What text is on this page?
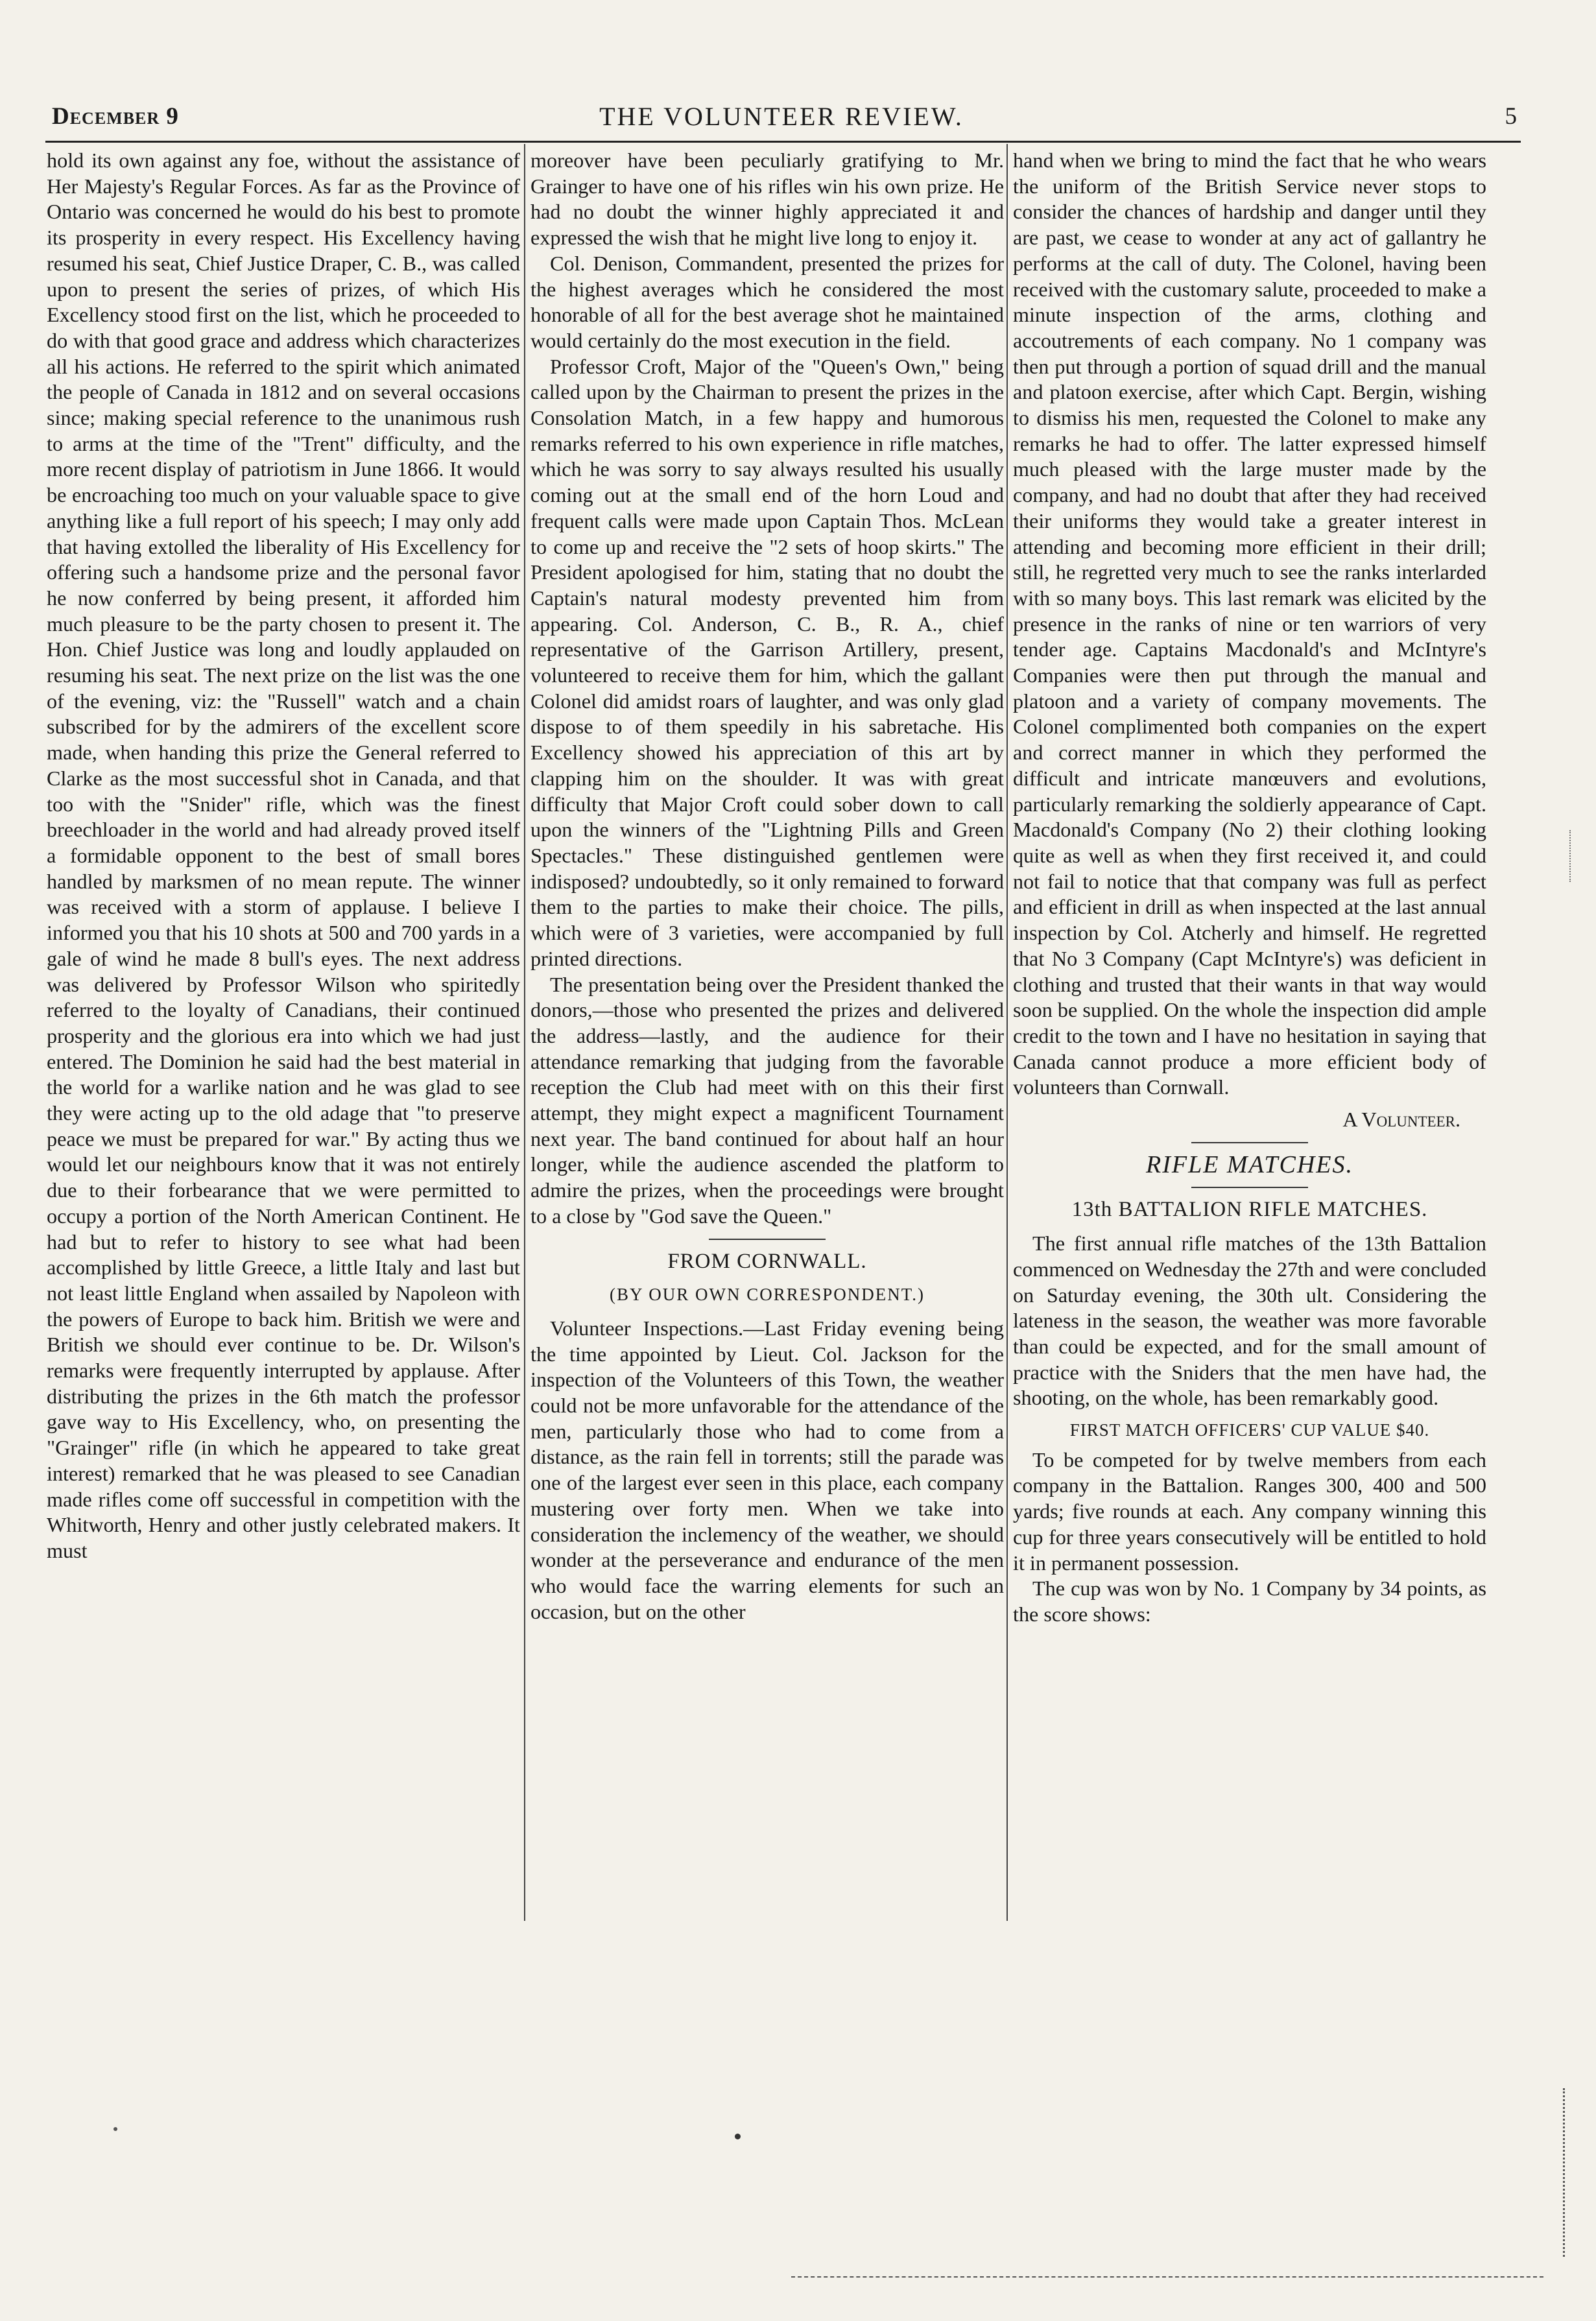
December 9	THE VOLUNTEER REVIEW.	5

hold its own against any foe, without the assistance of Her Majesty's Regular Forces. As far as the Province of Ontario was concerned he would do his best to promote its prosperity in every respect. His Excellency having resumed his seat, Chief Justice Draper, C. B., was called upon to present the series of prizes, of which His Excellency stood first on the list, which he proceeded to do with that good grace and address which characterizes all his actions. He referred to the spirit which animated the people of Canada in 1812 and on several occasions since; making special reference to the unanimous rush to arms at the time of the "Trent" difficulty, and the more recent display of patriotism in June 1866. It would be encroaching too much on your valuable space to give anything like a full report of his speech; I may only add that having extolled the liberality of His Excellency for offering such a handsome prize and the personal favor he now conferred by being present, it afforded him much pleasure to be the party chosen to present it. The Hon. Chief Justice was long and loudly applauded on resuming his seat. The next prize on the list was the one of the evening, viz: the "Russell" watch and a chain subscribed for by the admirers of the excellent score made, when handing this prize the General referred to Clarke as the most successful shot in Canada, and that too with the "Snider" rifle, which was the finest breechloader in the world and had already proved itself a formidable opponent to the best of small bores handled by marksmen of no mean repute. The winner was received with a storm of applause. I believe I informed you that his 10 shots at 500 and 700 yards in a gale of wind he made 8 bull's eyes. The next address was delivered by Professor Wilson who spiritedly referred to the loyalty of Canadians, their continued prosperity and the glorious era into which we had just entered. The Dominion he said had the best material in the world for a warlike nation and he was glad to see they were acting up to the old adage that "to preserve peace we must be prepared for war." By acting thus we would let our neighbours know that it was not entirely due to their forbearance that we were permitted to occupy a portion of the North American Continent. He had but to refer to history to see what had been accomplished by little Greece, a little Italy and last but not least little England when assailed by Napoleon with the powers of Europe to back him. British we were and British we should ever continue to be. Dr. Wilson's remarks were frequently interrupted by applause. After distributing the prizes in the 6th match the professor gave way to His Excellency, who, on presenting the "Grainger" rifle (in which he appeared to take great interest) remarked that he was pleased to see Canadian made rifles come off successful in competition with the Whitworth, Henry and other justly celebrated makers. It must

moreover have been peculiarly gratifying to Mr. Grainger to have one of his rifles win his own prize. He had no doubt the winner highly appreciated it and expressed the wish that he might live long to enjoy it.

Col. Denison, Commandent, presented the prizes for the highest averages which he considered the most honorable of all for the best average shot he maintained would certainly do the most execution in the field.

Professor Croft, Major of the "Queen's Own," being called upon by the Chairman to present the prizes in the Consolation Match, in a few happy and humorous remarks referred to his own experience in rifle matches, which he was sorry to say always resulted his usually coming out at the small end of the horn Loud and frequent calls were made upon Captain Thos. McLean to come up and receive the "2 sets of hoop skirts." The President apologised for him, stating that no doubt the Captain's natural modesty prevented him from appearing. Col. Anderson, C. B., R. A., chief representative of the Garrison Artillery, present, volunteered to receive them for him, which the gallant Colonel did amidst roars of laughter, and was only glad dispose to of them speedily in his sabretache. His Excellency showed his appreciation of this art by clapping him on the shoulder. It was with great difficulty that Major Croft could sober down to call upon the winners of the "Lightning Pills and Green Spectacles." These distinguished gentlemen were indisposed? undoubtedly, so it only remained to forward them to the parties to make their choice. The pills, which were of 3 varieties, were accompanied by full printed directions.

The presentation being over the President thanked the donors,—those who presented the prizes and delivered the address—lastly, and the audience for their attendance remarking that judging from the favorable reception the Club had meet with on this their first attempt, they might expect a magnificent Tournament next year. The band continued for about half an hour longer, while the audience ascended the platform to admire the prizes, when the proceedings were brought to a close by "God save the Queen."

FROM CORNWALL.

(BY OUR OWN CORRESPONDENT.)

Volunteer Inspections.—Last Friday evening being the time appointed by Lieut. Col. Jackson for the inspection of the Volunteers of this Town, the weather could not be more unfavorable for the attendance of the men, particularly those who had to come from a distance, as the rain fell in torrents; still the parade was one of the largest ever seen in this place, each company mustering over forty men. When we take into consideration the inclemency of the weather, we should wonder at the perseverance and endurance of the men who would face the warring elements for such an occasion, but on the other

hand when we bring to mind the fact that he who wears the uniform of the British Service never stops to consider the chances of hardship and danger until they are past, we cease to wonder at any act of gallantry he performs at the call of duty. The Colonel, having been received with the customary salute, proceeded to make a minute inspection of the arms, clothing and accoutrements of each company. No 1 company was then put through a portion of squad drill and the manual and platoon exercise, after which Capt. Bergin, wishing to dismiss his men, requested the Colonel to make any remarks he had to offer. The latter expressed himself much pleased with the large muster made by the company, and had no doubt that after they had received their uniforms they would take a greater interest in attending and becoming more efficient in their drill; still, he regretted very much to see the ranks interlarded with so many boys. This last remark was elicited by the presence in the ranks of nine or ten warriors of very tender age. Captains Macdonald's and McIntyre's Companies were then put through the manual and platoon and a variety of company movements. The Colonel complimented both companies on the expert and correct manner in which they performed the difficult and intricate manœuvers and evolutions, particularly remarking the soldierly appearance of Capt. Macdonald's Company (No 2) their clothing looking quite as well as when they first received it, and could not fail to notice that that company was full as perfect and efficient in drill as when inspected at the last annual inspection by Col. Atcherly and himself. He regretted that No 3 Company (Capt McIntyre's) was deficient in clothing and trusted that their wants in that way would soon be supplied. On the whole the inspection did ample credit to the town and I have no hesitation in saying that Canada cannot produce a more efficient body of volunteers than Cornwall.

A Volunteer.

RIFLE MATCHES.

13th BATTALION RIFLE MATCHES.

The first annual rifle matches of the 13th Battalion commenced on Wednesday the 27th and were concluded on Saturday evening, the 30th ult. Considering the lateness in the season, the weather was more favorable than could be expected, and for the small amount of practice with the Sniders that the men have had, the shooting, on the whole, has been remarkably good.

FIRST MATCH OFFICERS' CUP VALUE $40.

To be competed for by twelve members from each company in the Battalion. Ranges 300, 400 and 500 yards; five rounds at each. Any company winning this cup for three years consecutively will be entitled to hold it in permanent possession.

The cup was won by No. 1 Company by 34 points, as the score shows:
